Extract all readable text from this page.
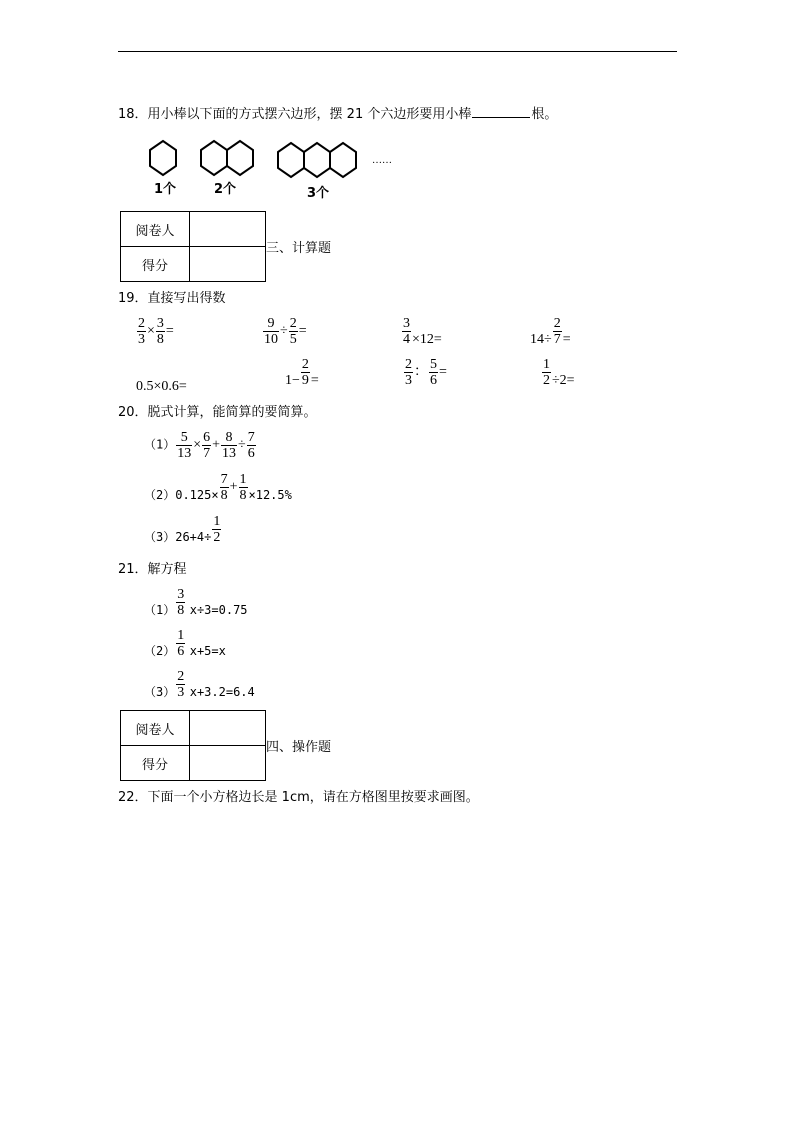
18．用小棒以下面的方式摆六边形，摆 21 个六边形要用小棒	根。
……
1个	2个	3个
阅卷人	
得分	
三、计算题
19．直接写出得数
$\frac{2}{3} \times \frac{3}{8}$ =	$\frac{9}{10} \div \frac{2}{5}$ =	$\frac{3}{4} \times 12=$	$14\div \frac{2}{7}$ =
0.5×0.6=	$1- \frac{2}{9}$ =	$\frac{2}{3}$ ： $\frac{5}{6}$ =	$\frac{1}{2} \div 2=$
20．脱式计算，能简算的要简算。
$(1) \frac{5}{13} \times \frac{6}{7} + \frac{8}{13} \div \frac{7}{6}$
$(2)0.125\times \frac{7}{8} + \frac{1}{8} \times 12.5\%$
$(3)26+4\div \frac{1}{2}$
21．解方程
$(1) \frac{3}{8} x\div 3=0.75$
$(2) \frac{1}{6} x+5=x$
$(3) \frac{2}{3} x+3.2=6.4$
阅卷人	
得分	
四、操作题
22．下面一个小方格边长是 1cm，请在方格图里按要求画图。
